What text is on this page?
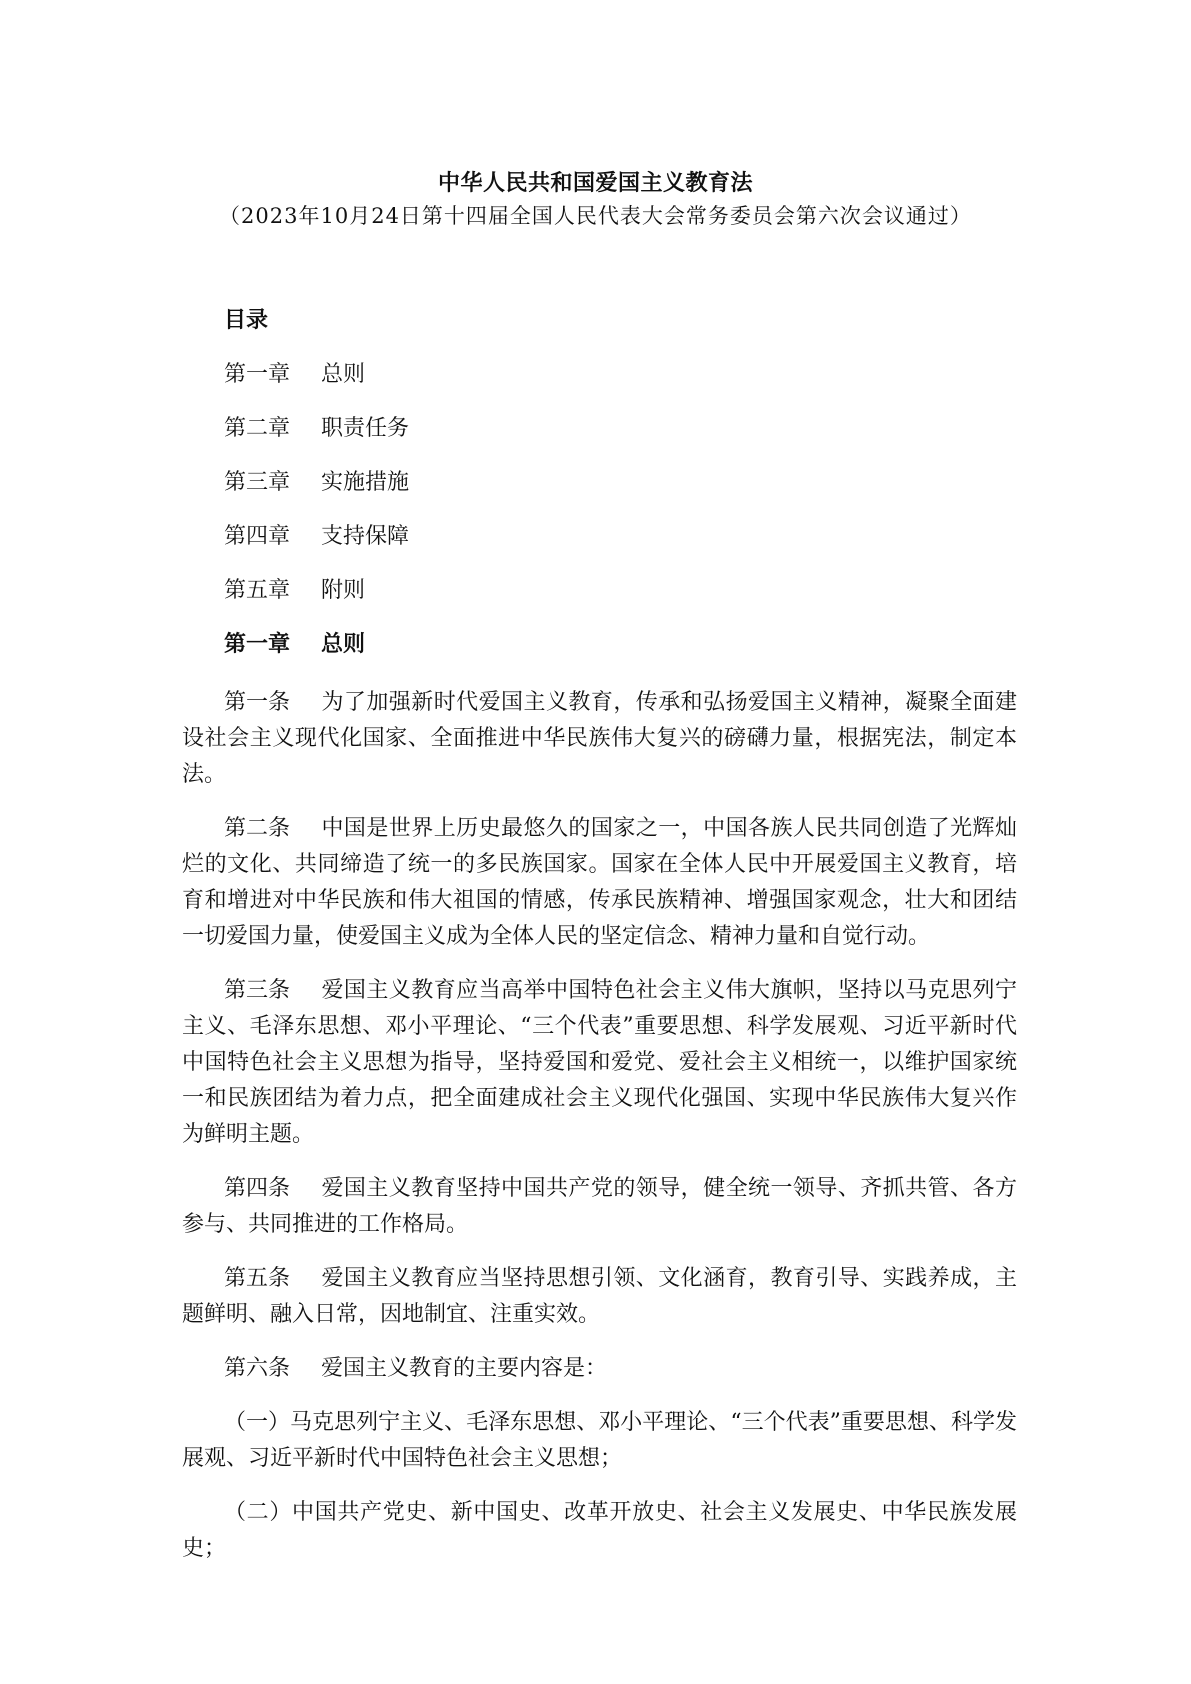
中华人民共和国爱国主义教育法
（2023年10月24日第十四届全国人民代表大会常务委员会第六次会议通过）
目录
第一章 总则
第二章 职责任务
第三章 实施措施
第四章 支持保障
第五章 附则
第一章 总则

第一条 为了加强新时代爱国主义教育，传承和弘扬爱国主义精神，凝聚全面建设社会主义现代化国家、全面推进中华民族伟大复兴的磅礴力量，根据宪法，制定本法。

第二条 中国是世界上历史最悠久的国家之一，中国各族人民共同创造了光辉灿烂的文化、共同缔造了统一的多民族国家。国家在全体人民中开展爱国主义教育，培育和增进对中华民族和伟大祖国的情感，传承民族精神、增强国家观念，壮大和团结一切爱国力量，使爱国主义成为全体人民的坚定信念、精神力量和自觉行动。

第三条 爱国主义教育应当高举中国特色社会主义伟大旗帜，坚持以马克思列宁主义、毛泽东思想、邓小平理论、“三个代表”重要思想、科学发展观、习近平新时代中国特色社会主义思想为指导，坚持爱国和爱党、爱社会主义相统一，以维护国家统一和民族团结为着力点，把全面建成社会主义现代化强国、实现中华民族伟大复兴作为鲜明主题。

第四条 爱国主义教育坚持中国共产党的领导，健全统一领导、齐抓共管、各方参与、共同推进的工作格局。

第五条 爱国主义教育应当坚持思想引领、文化涵育，教育引导、实践养成，主题鲜明、融入日常，因地制宜、注重实效。

第六条 爱国主义教育的主要内容是：

（一）马克思列宁主义、毛泽东思想、邓小平理论、“三个代表”重要思想、科学发展观、习近平新时代中国特色社会主义思想；

（二）中国共产党史、新中国史、改革开放史、社会主义发展史、中华民族发展史；
